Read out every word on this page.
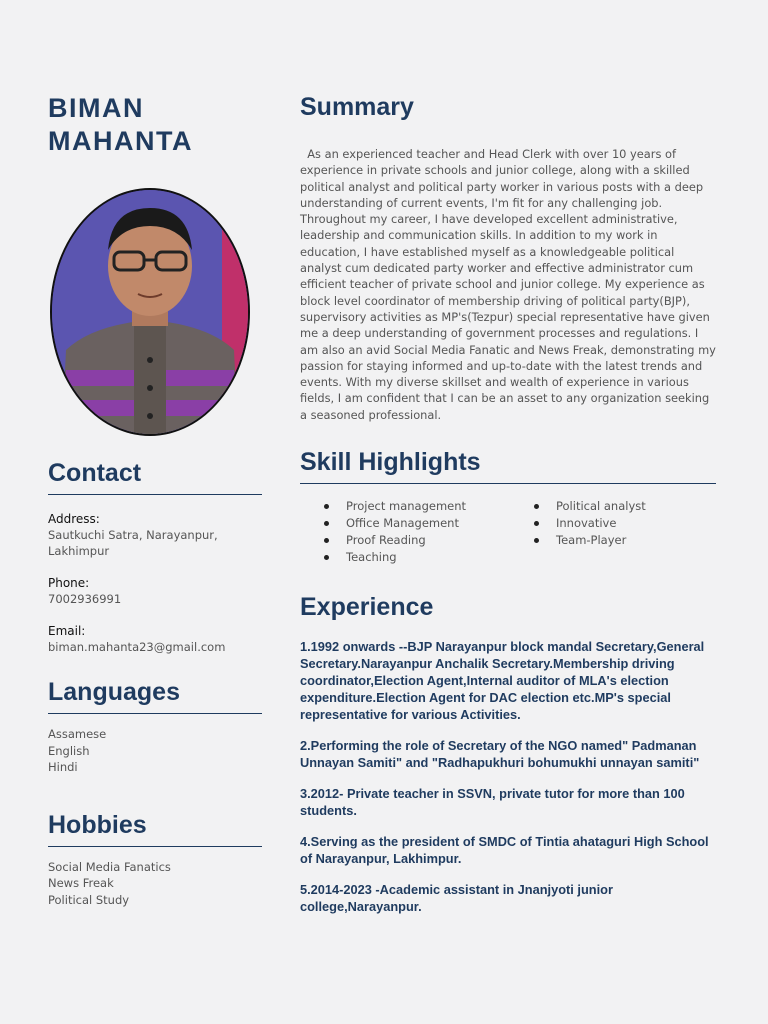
BIMAN
MAHANTA
Contact
Address:
Sautkuchi Satra, Narayanpur,
Lakhimpur
Phone:
7002936991
Email:
biman.mahanta23@gmail.com
Languages
Assamese
English
Hindi
Hobbies
Social Media Fanatics
News Freak
Political Study
Summary
As an experienced teacher and Head Clerk with over 10 years of experience in private schools and junior college, along with a skilled political analyst and political party worker in various posts with a deep understanding of current events, I'm fit for any challenging job. Throughout my career, I have developed excellent administrative, leadership and communication skills. In addition to my work in education, I have established myself as a knowledgeable political analyst cum dedicated party worker and effective administrator cum efficient teacher of private school and junior college. My experience as block level coordinator of membership driving of political party(BJP), supervisory activities as MP's(Tezpur) special representative have given me a deep understanding of government processes and regulations. I am also an avid Social Media Fanatic and News Freak, demonstrating my passion for staying informed and up-to-date with the latest trends and events. With my diverse skillset and wealth of experience in various fields, I am confident that I can be an asset to any organization seeking a seasoned professional.
Skill Highlights
Project management
Office Management
Proof Reading
Teaching
Political analyst
Innovative
Team-Player
Experience
1.1992 onwards --BJP Narayanpur block mandal Secretary,General Secretary.Narayanpur Anchalik Secretary.Membership driving coordinator,Election Agent,Internal auditor of MLA's election expenditure.Election Agent for DAC election etc.MP's special representative for various Activities.
2.Performing the role of Secretary of the NGO named" Padmanan Unnayan Samiti" and "Radhapukhuri bohumukhi unnayan samiti"
3.2012- Private teacher in SSVN, private tutor for more than 100 students.
4.Serving as the president of SMDC of Tintia ahataguri High School of Narayanpur, Lakhimpur.
5.2014-2023 -Academic assistant in Jnanjyoti junior college,Narayanpur.
